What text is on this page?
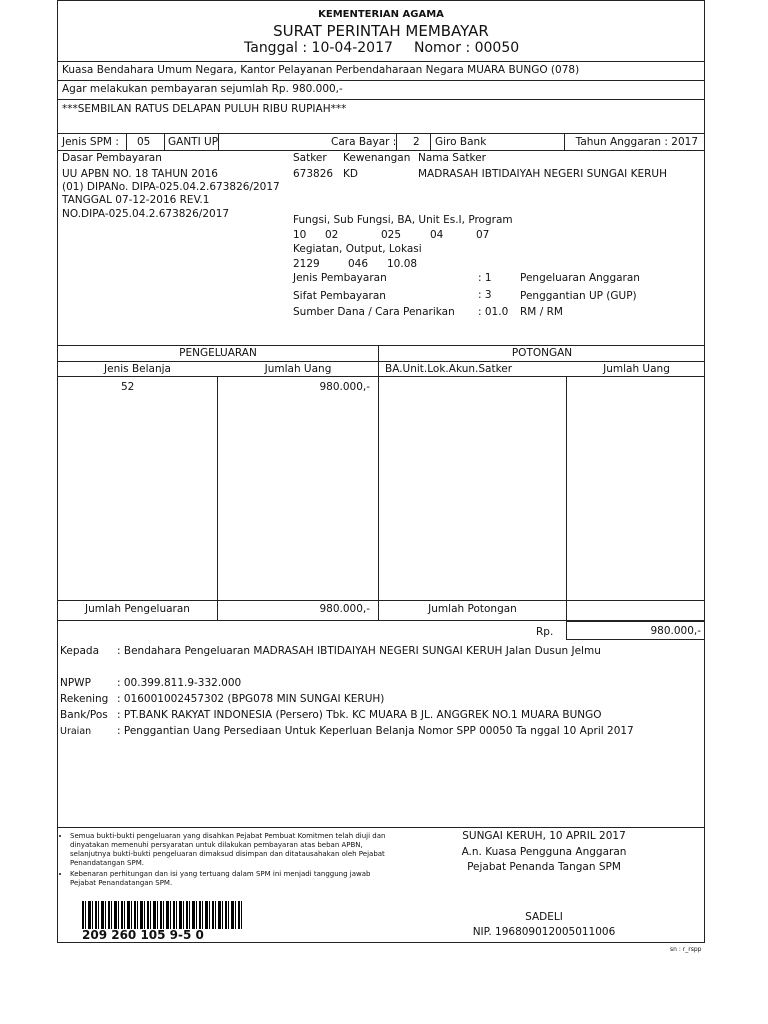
KEMENTERIAN AGAMA
SURAT PERINTAH MEMBAYAR
Tanggal : 10-04-2017 Nomor : 00050
Kuasa Bendahara Umum Negara, Kantor Pelayanan Perbendaharaan Negara MUARA BUNGO (078)
Agar melakukan pembayaran sejumlah Rp. 980.000,-
***SEMBILAN RATUS DELAPAN PULUH RIBU RUPIAH***
Jenis SPM : 05 GANTI UP	Cara Bayar : 2 Giro Bank	Tahun Anggaran : 2017
Dasar Pembayaran
UU APBN NO. 18 TAHUN 2016
(01) DIPANo. DIPA-025.04.2.673826/2017
TANGGAL 07-12-2016 REV.1
NO.DIPA-025.04.2.673826/2017
Satker Kewenangan Nama Satker
673826 KD	MADRASAH IBTIDAIYAH NEGERI SUNGAI KERUH
Fungsi, Sub Fungsi, BA, Unit Es.I, Program
10 02	025	04	07
Kegiatan, Output, Lokasi
2129	046 10.08
Jenis Pembayaran	: 1	Pengeluaran Anggaran
Sifat Pembayaran	: 3	Penggantian UP (GUP)
Sumber Dana / Cara Penarikan : 01.0 RM / RM
PENGELUARAN	POTONGAN
Jenis Belanja	Jumlah Uang	BA.Unit.Lok.Akun.Satker	Jumlah Uang
52	980.000,-
Jumlah Pengeluaran	980.000,-	Jumlah Potongan
Rp.	980.000,-
Kepada : Bendahara Pengeluaran MADRASAH IBTIDAIYAH NEGERI SUNGAI KERUH Jalan Dusun Jelmu
NPWP : 00.399.811.9-332.000
Rekening : 016001002457302 (BPG078 MIN SUNGAI KERUH)
Bank/Pos : PT.BANK RAKYAT INDONESIA (Persero) Tbk. KC MUARA B JL. ANGGREK NO.1 MUARA BUNGO
Uraian : Penggantian Uang Persediaan Untuk Keperluan Belanja Nomor SPP 00050 Ta nggal 10 April 2017
• Semua bukti-bukti pengeluaran yang disahkan Pejabat Pembuat Komitmen telah diuji dan dinyatakan memenuhi persyaratan untuk dilakukan pembayaran atas beban APBN, selanjutnya bukti-bukti pengeluaran dimaksud disimpan dan ditatausahakan oleh Pejabat Penandatangan SPM.
• Kebenaran perhitungan dan isi yang tertuang dalam SPM ini menjadi tanggung jawab Pejabat Penandatangan SPM.
209 260 105 9-5 0
SUNGAI KERUH, 10 APRIL 2017
A.n. Kuasa Pengguna Anggaran
Pejabat Penanda Tangan SPM
SADELI
NIP. 196809012005011006
sn : r_rspp
